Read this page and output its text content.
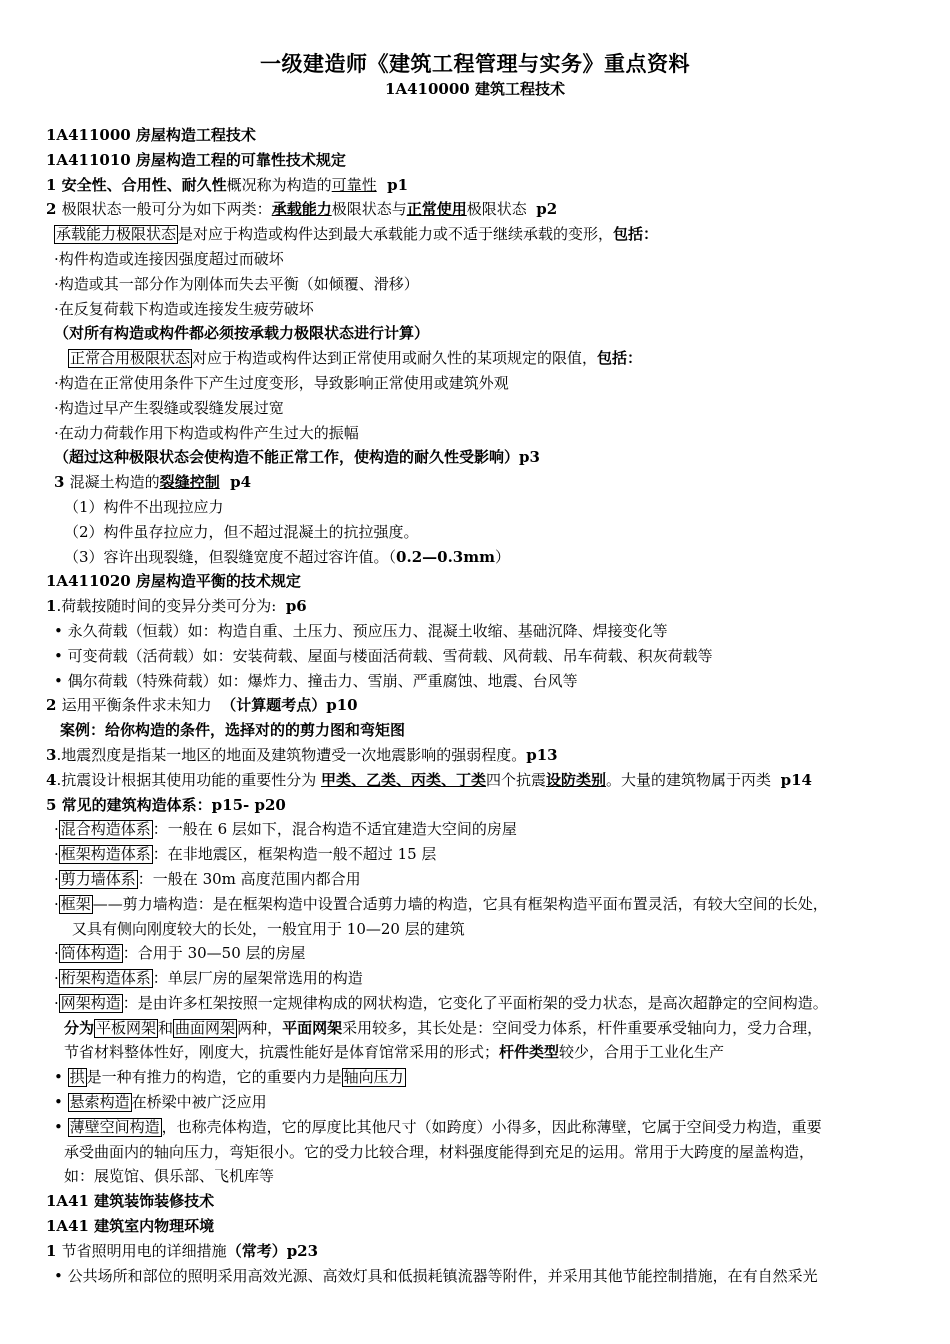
一级建造师《建筑工程管理与实务》重点资料
1A410000 建筑工程技术
1A411000 房屋构造工程技术
1A411010 房屋构造工程的可靠性技术规定
1 安全性、合用性、耐久性概况称为构造的可靠性  p1
2 极限状态一般可分为如下两类：承载能力极限状态与正常使用极限状态  p2
承载能力极限状态 是对应于构造或构件达到最大承载能力或不适于继续承载的变形，包括：
·构件构造或连接因强度超过而破坏
·构造或其一部分作为刚体而失去平衡（如倾覆、滑移）
·在反复荷载下构造或连接发生疲劳破坏
（对所有构造或构件都必须按承载力极限状态进行计算）
正常合用极限状态 对应于构造或构件达到正常使用或耐久性的某项规定的限值，包括：
·构造在正常使用条件下产生过度变形，导致影响正常使用或建筑外观
·构造过早产生裂缝或裂缝发展过宽
·在动力荷载作用下构造或构件产生过大的振幅
（超过这种极限状态会使构造不能正常工作，使构造的耐久性受影响）p3
3 混凝土构造的裂缝控制  p4
（1）构件不出现拉应力
（2）构件虽存拉应力，但不超过混凝土的抗拉强度。
（3）容许出现裂缝，但裂缝宽度不超过容许值。（0.2—0.3mm）
1A411020 房屋构造平衡的技术规定
1.荷载按随时间的变异分类可分为:  p6
• 永久荷载（恒载）如：构造自重、土压力、预应压力、混凝土收缩、基础沉降、焊接变化等
• 可变荷载（活荷载）如：安装荷载、屋面与楼面活荷载、雪荷载、风荷载、吊车荷载、积灰荷载等
• 偶尔荷载（特殊荷载）如：爆炸力、撞击力、雪崩、严重腐蚀、地震、台风等
2 运用平衡条件求未知力  （计算题考点）p10
案例：给你构造的条件，选择对的的剪力图和弯矩图
3.地震烈度是指某一地区的地面及建筑物遭受一次地震影响的强弱程度。p13
4.抗震设计根据其使用功能的重要性分为 甲类、乙类、丙类、丁类四个抗震设防类别。大量的建筑物属于丙类  p14
5 常见的建筑构造体系：p15- p20
· 混合构造体系 ：一般在 6 层如下，混合构造不适宜建造大空间的房屋
· 框架构造体系 ：在非地震区，框架构造一般不超过 15 层
· 剪力墙体系 ：一般在 30m 高度范围内都合用
· 框架 ——剪力墙构造：是在框架构造中设置合适剪力墙的构造，它具有框架构造平面布置灵活，有较大空间的长处，
又具有侧向刚度较大的长处，一般宜用于 10—20 层的建筑
· 筒体构造 ：合用于 30—50 层的房屋
· 桁架构造体系 ：单层厂房的屋架常选用的构造
· 网架构造 ：是由许多杠架按照一定规律构成的网状构造，它变化了平面桁架的受力状态，是高次超静定的空间构造。
分为 平板网架 和 曲面网架 两种，平面网架采用较多，其长处是：空间受力体系，杆件重要承受轴向力，受力合理，
节省材料整体性好，刚度大，抗震性能好是体育馆常采用的形式；杆件类型较少，合用于工业化生产
• 拱 是一种有推力的构造，它的重要内力是 轴向压力
• 悬索构造 在桥梁中被广泛应用
• 薄壁空间构造 ，也称壳体构造，它的厚度比其他尺寸（如跨度）小得多，因此称薄壁，它属于空间受力构造，重要
承受曲面内的轴向压力，弯矩很小。它的受力比较合理，材料强度能得到充足的运用。常用于大跨度的屋盖构造，
如：展览馆、俱乐部、飞机库等
1A41 建筑装饰装修技术
1A41 建筑室内物理环境
1 节省照明用电的详细措施（常考）p23
• 公共场所和部位的照明采用高效光源、高效灯具和低损耗镇流器等附件，并采用其他节能控制措施，在有自然采光
